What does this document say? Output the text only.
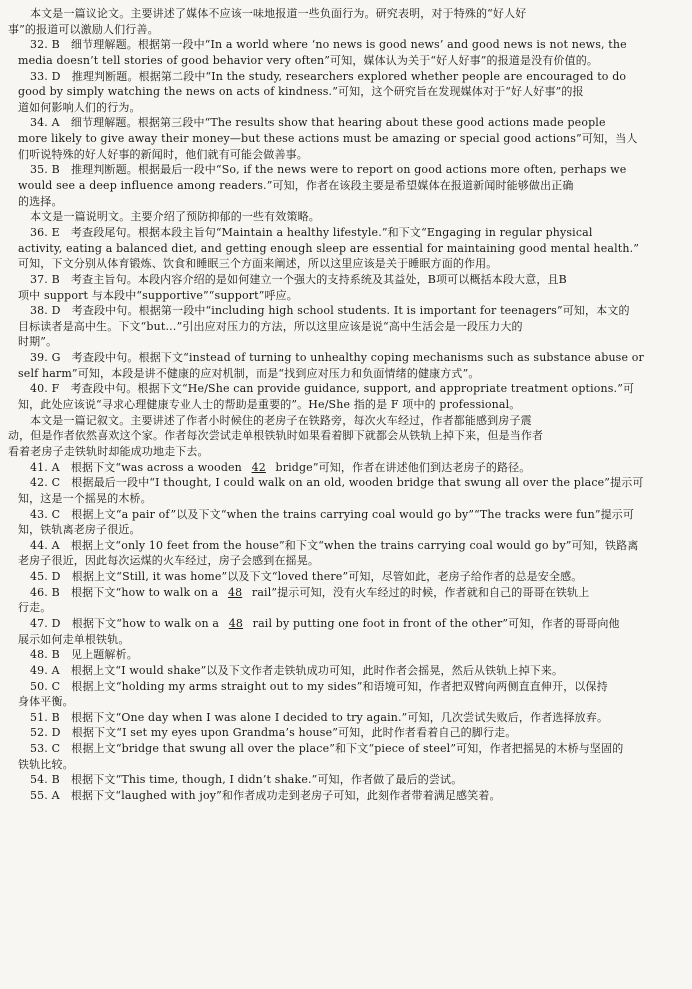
本文是一篇议论文。主要讲述了媒体不应该一味地报道一些负面行为。研究表明，对于特殊的“好人好
事”的报道可以激励人们行善。
32. B　细节理解题。根据第一段中“In a world where ‘no news is good news’ and good news is not news, the
media doesn’t tell stories of good behavior very often”可知，媒体认为关于“好人好事”的报道是没有价值的。
33. D　推理判断题。根据第二段中“In the study, researchers explored whether people are encouraged to do
good by simply watching the news on acts of kindness.”可知，这个研究旨在发现媒体对于“好人好事”的报
道如何影响人们的行为。
34. A　细节理解题。根据第三段中“The results show that hearing about these good actions made people
more likely to give away their money—but these actions must be amazing or special good actions”可知，当人
们听说特殊的好人好事的新闻时，他们就有可能会做善事。
35. B　推理判断题。根据最后一段中“So, if the news were to report on good actions more often, perhaps we
would see a deep influence among readers.”可知，作者在该段主要是希望媒体在报道新闻时能够做出正确
的选择。
本文是一篇说明文。主要介绍了预防抑郁的一些有效策略。
36. E　考查段尾句。根据本段主旨句“Maintain a healthy lifestyle.”和下文“Engaging in regular physical
activity, eating a balanced diet, and getting enough sleep are essential for maintaining good mental health.”
可知，下文分别从体育锻炼、饮食和睡眠三个方面来阐述，所以这里应该是关于睡眠方面的作用。
37. B　考查主旨句。本段内容介绍的是如何建立一个强大的支持系统及其益处，B项可以概括本段大意，且B
项中 support 与本段中“supportive”“support”呼应。
38. D　考查段中句。根据第一段中“including high school students. It is important for teenagers”可知，本文的
目标读者是高中生。下文“but…”引出应对压力的方法，所以这里应该是说“高中生活会是一段压力大的
时期”。
39. G　考查段中句。根据下文“instead of turning to unhealthy coping mechanisms such as substance abuse or
self harm”可知，本段是讲不健康的应对机制，而是“找到应对压力和负面情绪的健康方式”。
40. F　考查段中句。根据下文“He/She can provide guidance, support, and appropriate treatment options.”可
知，此处应该说“寻求心理健康专业人士的帮助是重要的”。He/She 指的是 F 项中的 professional。
本文是一篇记叙文。主要讲述了作者小时候住的老房子在铁路旁，每次火车经过，作者都能感到房子震
动，但是作者依然喜欢这个家。作者每次尝试走单根铁轨时如果看着脚下就都会从铁轨上掉下来，但是当作者
看着老房子走铁轨时却能成功地走下去。
41. A　根据下文“was across a wooden 42 bridge”可知，作者在讲述他们到达老房子的路径。
42. C　根据最后一段中“I thought, I could walk on an old, wooden bridge that swung all over the place”提示可
知，这是一个摇晃的木桥。
43. C　根据上文“a pair of”以及下文“when the trains carrying coal would go by”“The tracks were fun”提示可
知，铁轨离老房子很近。
44. A　根据上文“only 10 feet from the house”和下文“when the trains carrying coal would go by”可知，铁路离
老房子很近，因此每次运煤的火车经过，房子会感到在摇晃。
45. D　根据上文“Still, it was home”以及下文“loved there”可知，尽管如此，老房子给作者的总是安全感。
46. B　根据下文“how to walk on a 48 rail”提示可知，没有火车经过的时候，作者就和自己的哥哥在铁轨上
行走。
47. D　根据下文“how to walk on a 48 rail by putting one foot in front of the other”可知，作者的哥哥向他
展示如何走单根铁轨。
48. B　见上题解析。
49. A　根据上文“I would shake”以及下文作者走铁轨成功可知，此时作者会摇晃，然后从铁轨上掉下来。
50. C　根据上文“holding my arms straight out to my sides”和语境可知，作者把双臂向两侧直直伸开，以保持
身体平衡。
51. B　根据下文“One day when I was alone I decided to try again.”可知，几次尝试失败后，作者选择放弃。
52. D　根据下文“I set my eyes upon Grandma’s house”可知，此时作者看着自己的脚行走。
53. C　根据上文“bridge that swung all over the place”和下文“piece of steel”可知，作者把摇晃的木桥与坚固的
铁轨比较。
54. B　根据下文“This time, though, I didn’t shake.”可知，作者做了最后的尝试。
55. A　根据下文“laughed with joy”和作者成功走到老房子可知，此刻作者带着满足感笑着。
